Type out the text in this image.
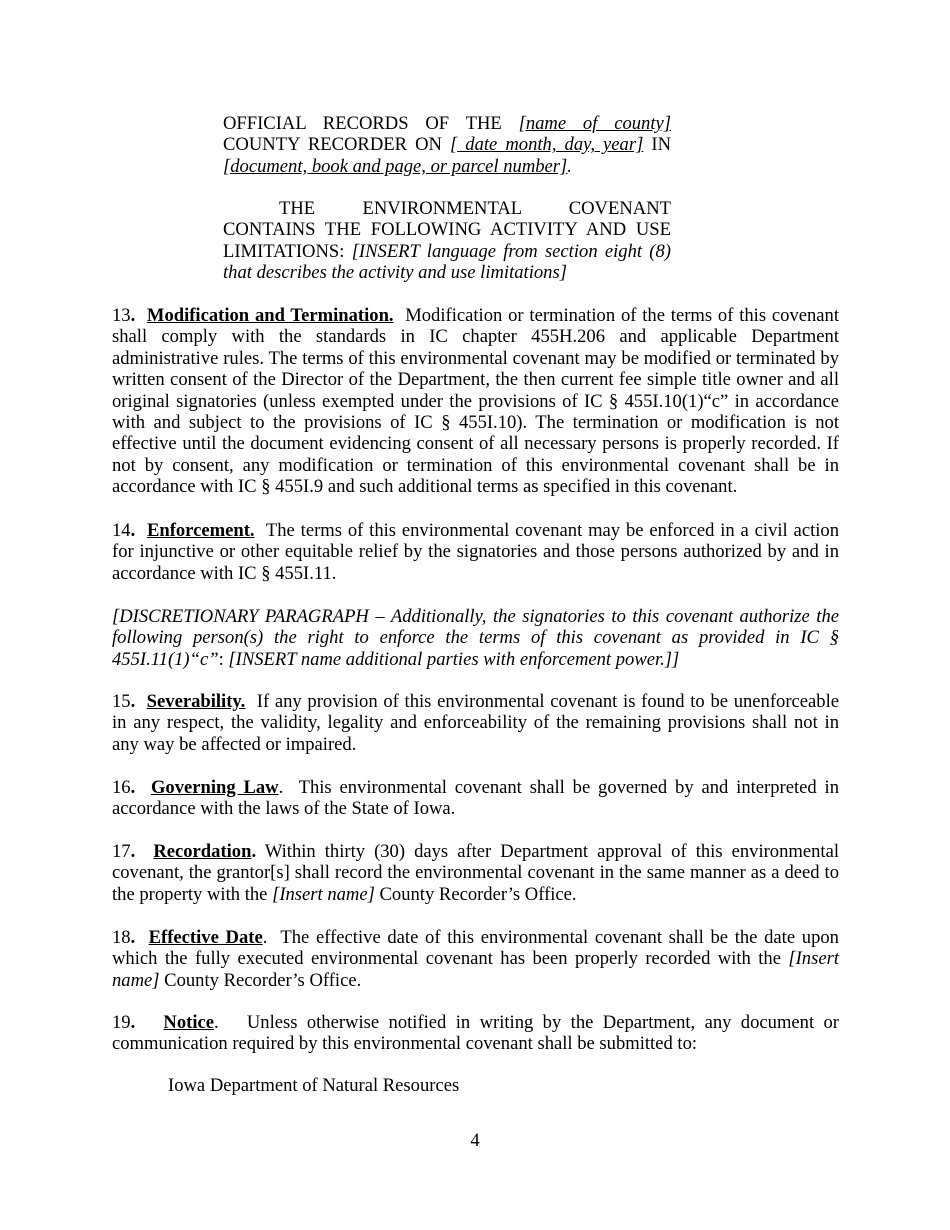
OFFICIAL RECORDS OF THE [name of county] COUNTY RECORDER ON [ date month, day, year] IN [document, book and page, or parcel number].

THE ENVIRONMENTAL COVENANT CONTAINS THE FOLLOWING ACTIVITY AND USE LIMITATIONS: [INSERT language from section eight (8) that describes the activity and use limitations]

13. Modification and Termination. Modification or termination of the terms of this covenant shall comply with the standards in IC chapter 455H.206 and applicable Department administrative rules. The terms of this environmental covenant may be modified or terminated by written consent of the Director of the Department, the then current fee simple title owner and all original signatories (unless exempted under the provisions of IC § 455I.10(1)“c” in accordance with and subject to the provisions of IC § 455I.10). The termination or modification is not effective until the document evidencing consent of all necessary persons is properly recorded. If not by consent, any modification or termination of this environmental covenant shall be in accordance with IC § 455I.9 and such additional terms as specified in this covenant.

14. Enforcement. The terms of this environmental covenant may be enforced in a civil action for injunctive or other equitable relief by the signatories and those persons authorized by and in accordance with IC § 455I.11.

[DISCRETIONARY PARAGRAPH – Additionally, the signatories to this covenant authorize the following person(s) the right to enforce the terms of this covenant as provided in IC § 455I.11(1)“c”: [INSERT name additional parties with enforcement power.]]

15. Severability. If any provision of this environmental covenant is found to be unenforceable in any respect, the validity, legality and enforceability of the remaining provisions shall not in any way be affected or impaired.

16. Governing Law. This environmental covenant shall be governed by and interpreted in accordance with the laws of the State of Iowa.

17. Recordation. Within thirty (30) days after Department approval of this environmental covenant, the grantor[s] shall record the environmental covenant in the same manner as a deed to the property with the [Insert name] County Recorder’s Office.

18. Effective Date. The effective date of this environmental covenant shall be the date upon which the fully executed environmental covenant has been properly recorded with the [Insert name] County Recorder’s Office.

19. Notice. Unless otherwise notified in writing by the Department, any document or communication required by this environmental covenant shall be submitted to:

Iowa Department of Natural Resources

4
